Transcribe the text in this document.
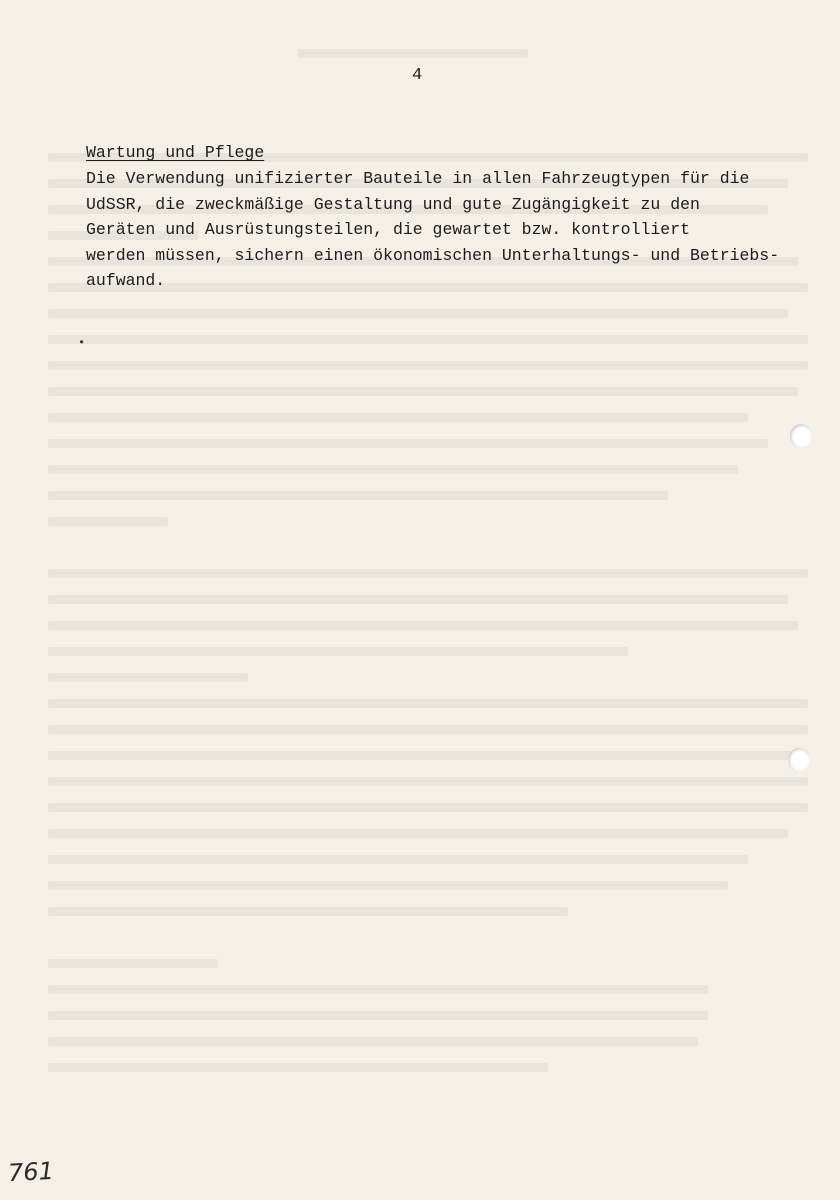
4
Wartung und Pflege

Die Verwendung unifizierter Bauteile in allen Fahrzeugtypen für die
UdSSR, die zweckmäßige Gestaltung und gute Zugängigkeit zu den
Geräten und Ausrüstungsteilen, die gewartet bzw. kontrolliert
werden müssen, sichern einen ökonomischen Unterhaltungs- und Betriebs-
aufwand.

•
761
